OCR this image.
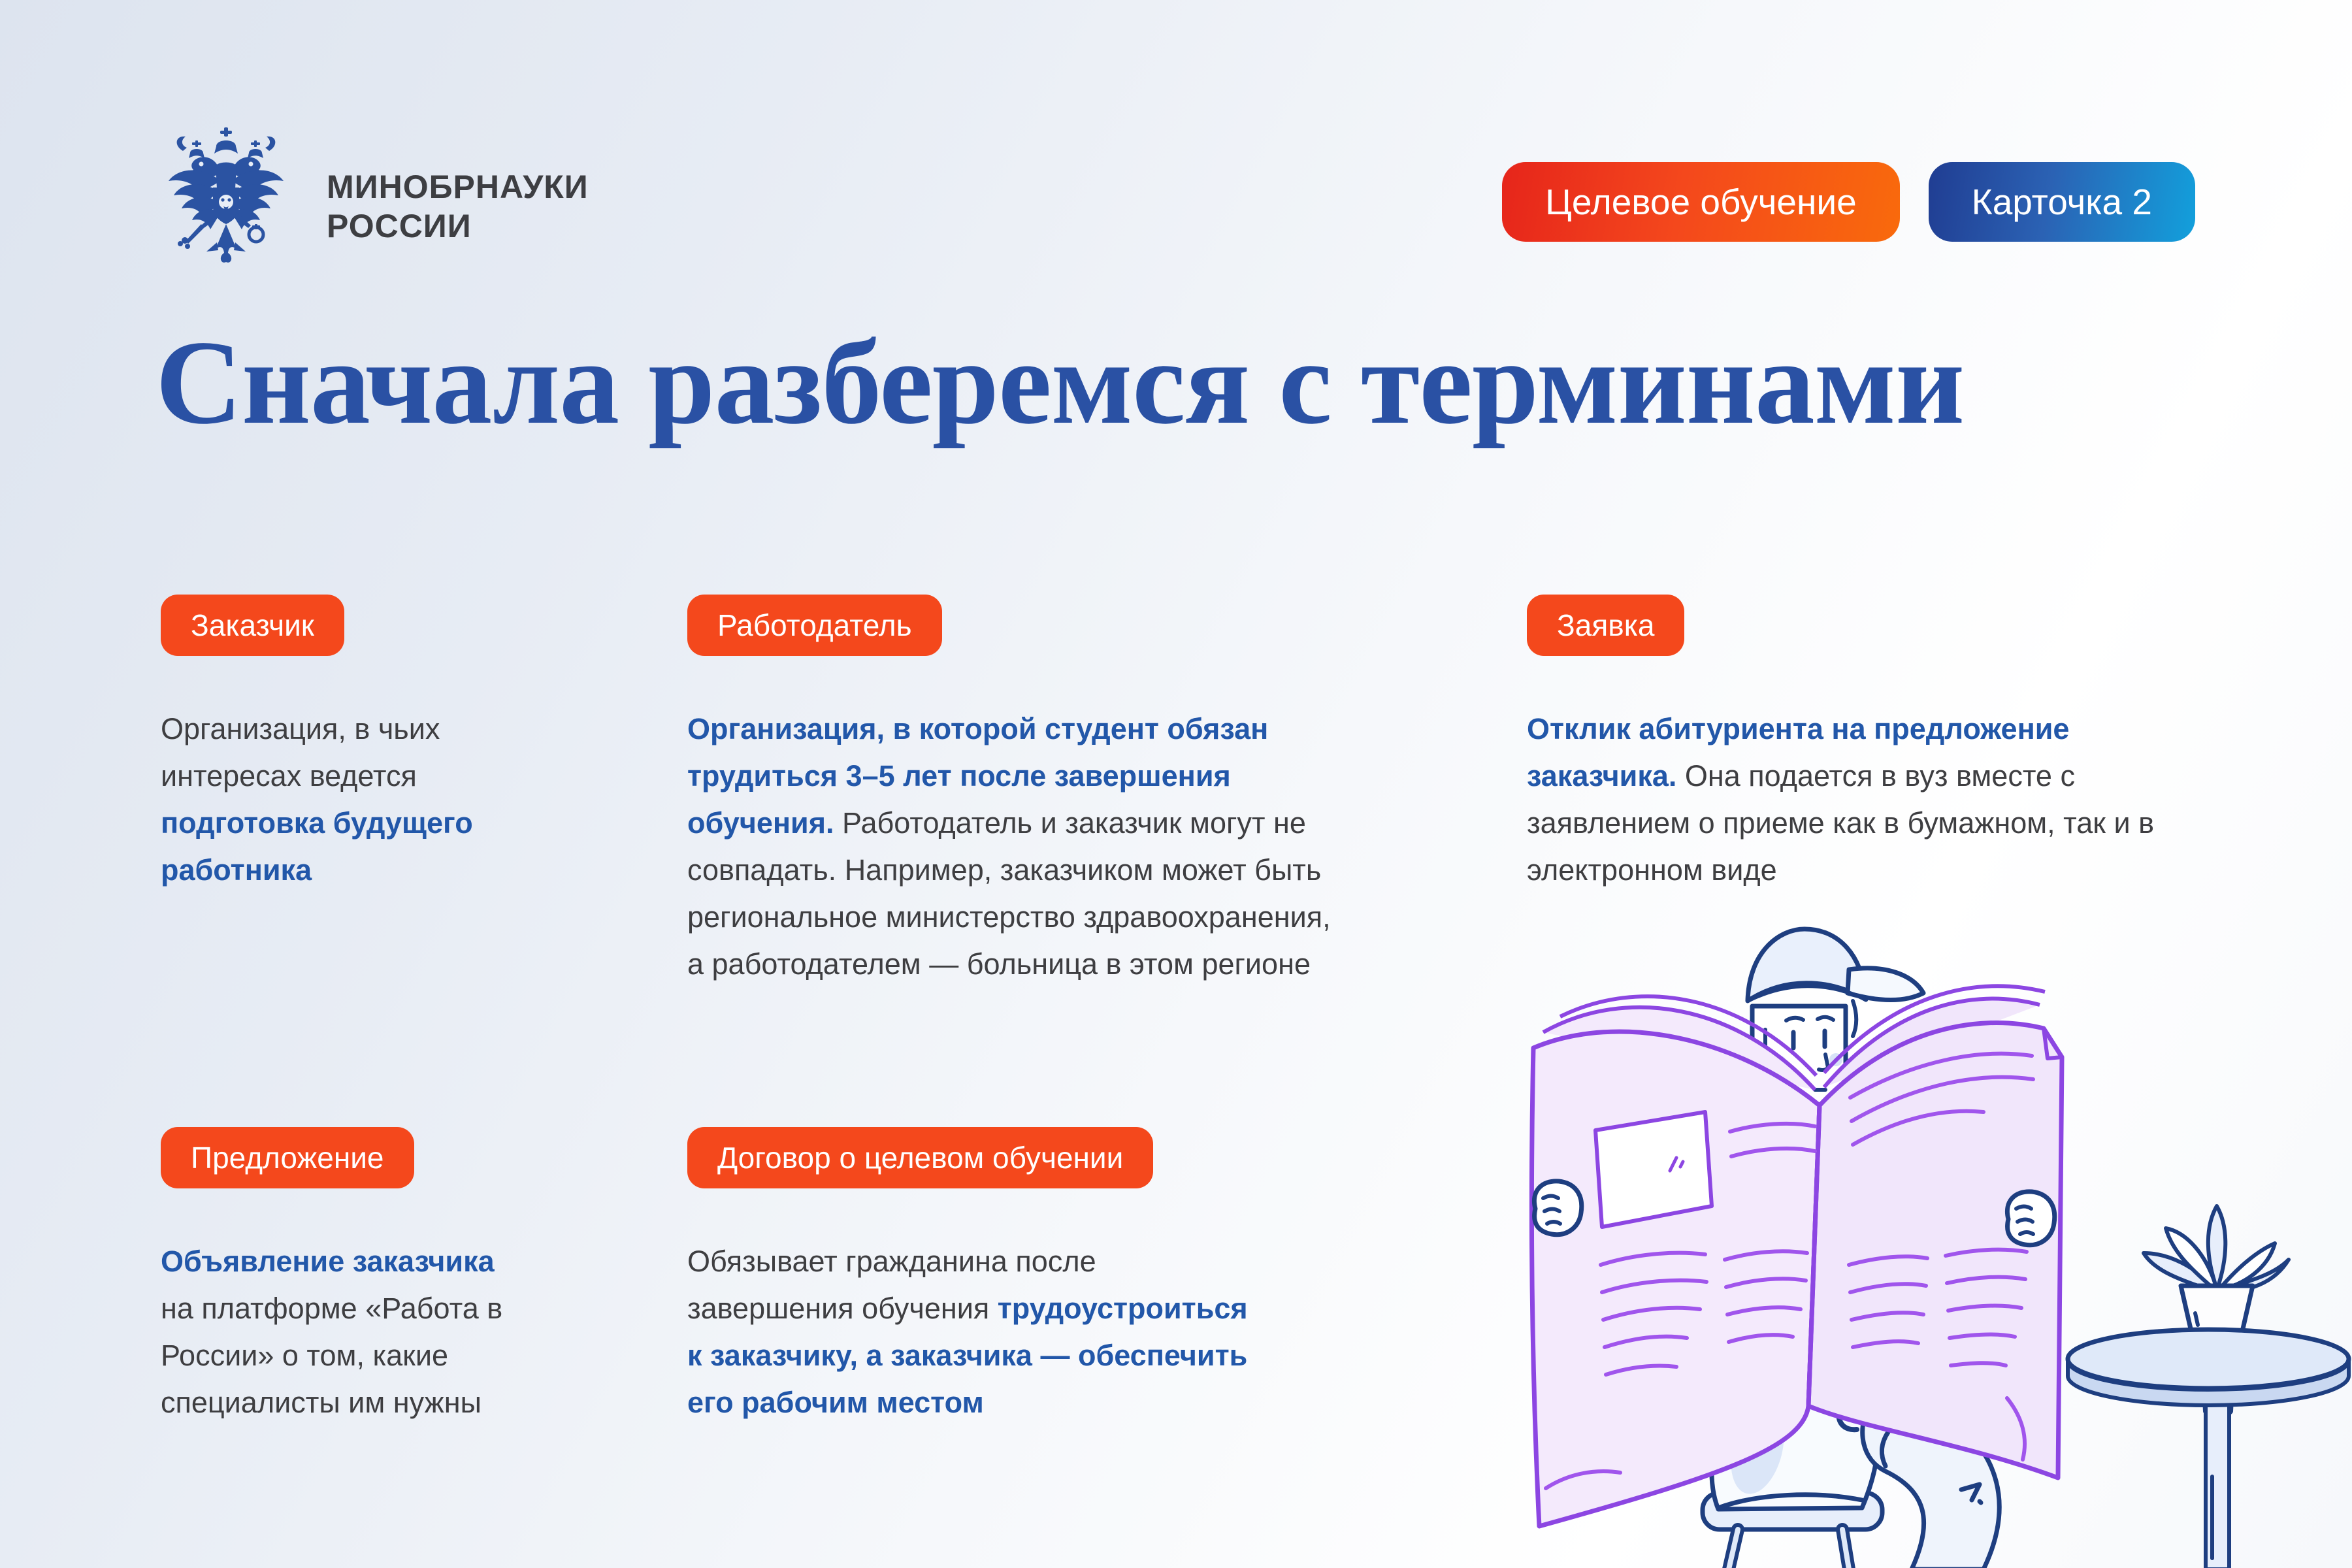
МИНОБРНАУКИ
РОССИИ
Целевое обучение	Карточка 2
Сначала разберемся с терминами
Заказчик

Организация, в чьих интересах ведется подготовка будущего работника

Работодатель

Организация, в которой студент обязан трудиться 3–5 лет после завершения обучения. Работодатель и заказчик могут не совпадать. Например, заказчиком может быть региональное министерство здравоохранения, а работодателем — больница в этом регионе

Заявка

Отклик абитуриента на предложение заказчика. Она подается в вуз вместе с заявлением о приеме как в бумажном, так и в электронном виде

Предложение

Объявление заказчика на платформе «Работа в России» о том, какие специалисты им нужны

Договор о целевом обучении

Обязывает гражданина после завершения обучения трудоустроиться к заказчику, а заказчика — обеспечить его рабочим местом
